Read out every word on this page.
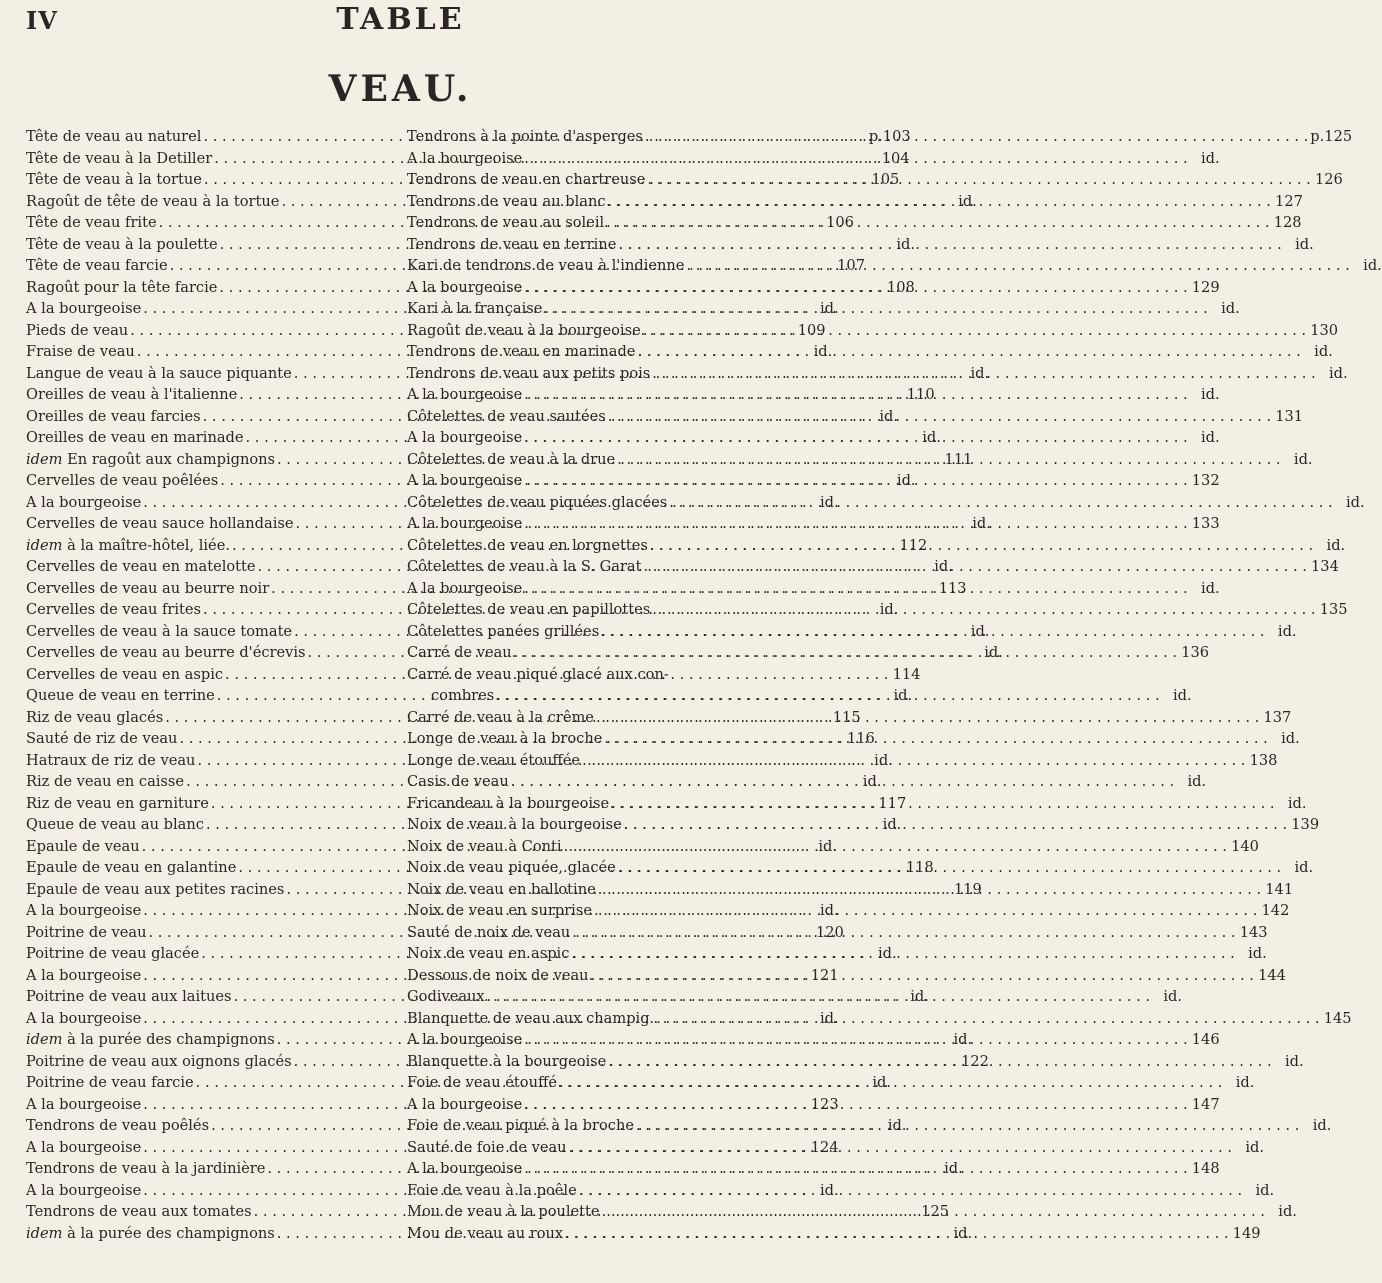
IV	TABLE
VEAU.
Tête de veau au naturel . . .	p.103
Tête de veau à la Detiller . . .	104
Tête de veau à la tortue . . .	105
Ragoût de tête de veau à la tortue . . .	id.
Tête de veau frite . . .	106
Tête de veau à la poulette . . .	id.
Tête de veau farcie . . .	107
Ragoût pour la tête farcie . . .	108
A la bourgeoise . . .	id.
Pieds de veau . . .	109
Fraise de veau . . .	id.
Langue de veau à la sauce piquante . . .	id.
Oreilles de veau à l'italienne . . .	110
Oreilles de veau farcies . . .	id.
Oreilles de veau en marinade . . .	id.
idem En ragoût aux champignons . . .	111
Cervelles de veau poêlées . . .	id.
A la bourgeoise . . .	id.
Cervelles de veau sauce hollandaise . . .	id.
idem à la maître-hôtel, liée. . . .	112
Cervelles de veau en matelotte . . .	id.
Cervelles de veau au beurre noir . . .	113
Cervelles de veau frites . . .	id.
Cervelles de veau à la sauce tomate . . .	id.
Cervelles de veau au beurre d'écrevis . . .	id.
Cervelles de veau en aspic . . .	114
Queue de veau en terrine . . .	id.
Riz de veau glacés . . .	115
Sauté de riz de veau . . .	116
Hatraux de riz de veau . . .	id.
Riz de veau en caisse . . .	id.
Riz de veau en garniture . . .	117
Queue de veau au blanc . . .	id.
Epaule de veau . . .	id.
Epaule de veau en galantine . . .	118
Epaule de veau aux petites racines . . .	119
A la bourgeoise . . .	id.
Poitrine de veau . . .	120
Poitrine de veau glacée . . .	id.
A la bourgeoise . . .	121
Poitrine de veau aux laitues . . .	id.
A la bourgeoise . . .	id.
idem à la purée des champignons . . .	id.
Poitrine de veau aux oignons glacés . . .	122
Poitrine de veau farcie . . .	id.
A la bourgeoise . . .	123
Tendrons de veau poêlés . . .	id.
A la bourgeoise . . .	124
Tendrons de veau à la jardinière . . .	id.
A la bourgeoise . . .	id.
Tendrons de veau aux tomates . . .	125
idem à la purée des champignons . . .	id.
Tendrons à la pointe d'asperges . . .	p.125
A la bourgeoise . . .	id.
Tendrons de veau en chartreuse . . .	126
Tendrons de veau au blanc . . .	127
Tendrons de veau au soleil . . .	128
Tendrons de veau en terrine . . .	id.
Kari de tendrons de veau à l'indienne . . .	id.
A la bourgeoise . . .	129
Kari à la française . . .	id.
Ragoût de veau à la bourgeoise . . .	130
Tendrons de veau en marinade . . .	id.
Tendrons de veau aux petits pois . . .	id.
A la bourgeoise . . .	id.
Côtelettes de veau sautées . . .	131
A la bourgeoise . . .	id.
Côtelettes de veau à la drue . . .	id.
A la bourgeoise . . .	132
Côtelettes de veau piquées glacées . . .	id.
A la bourgeoise . . .	133
Côtelettes de veau en lorgnettes . . .	id.
Côtelettes de veau à la S. Garat . . .	134
A la bourgeoise . . .	id.
Côtelettes de veau en papillottes . . .	135
Côtelettes panées grillées . . .	id.
Carré de veau . . .	136
Carré de veau piqué glacé aux con-
combres . . .	id.
Carré de veau à la crême . . .	137
Longe de veau à la broche . . .	id.
Longe de veau étouffée . . .	138
Casis de veau . . .	id.
Fricandeau à la bourgeoise . . .	id.
Noix de veau à la bourgeoise . . .	139
Noix de veau à Conti . . .	140
Noix de veau piquée, glacée . . .	id.
Noix de veau en ballotine . . .	141
Noix de veau en surprise . . .	142
Sauté de noix de veau . . .	143
Noix de veau en aspic . . .	id.
Dessous de noix de veau . . .	144
Godiveaux . . .	id.
Blanquette de veau aux champig. . . .	145
A la bourgeoise . . .	146
Blanquette à la bourgeoise . . .	id.
Foie de veau étouffé . . .	id.
A la bourgeoise . . .	147
Foie de veau piqué à la broche . . .	id.
Sauté de foie de veau . . .	id.
A la bourgeoise . . .	148
Foie de veau à la poêle . . .	id.
Mou de veau à la poulette . . .	id.
Mou de veau au roux . . .	149
